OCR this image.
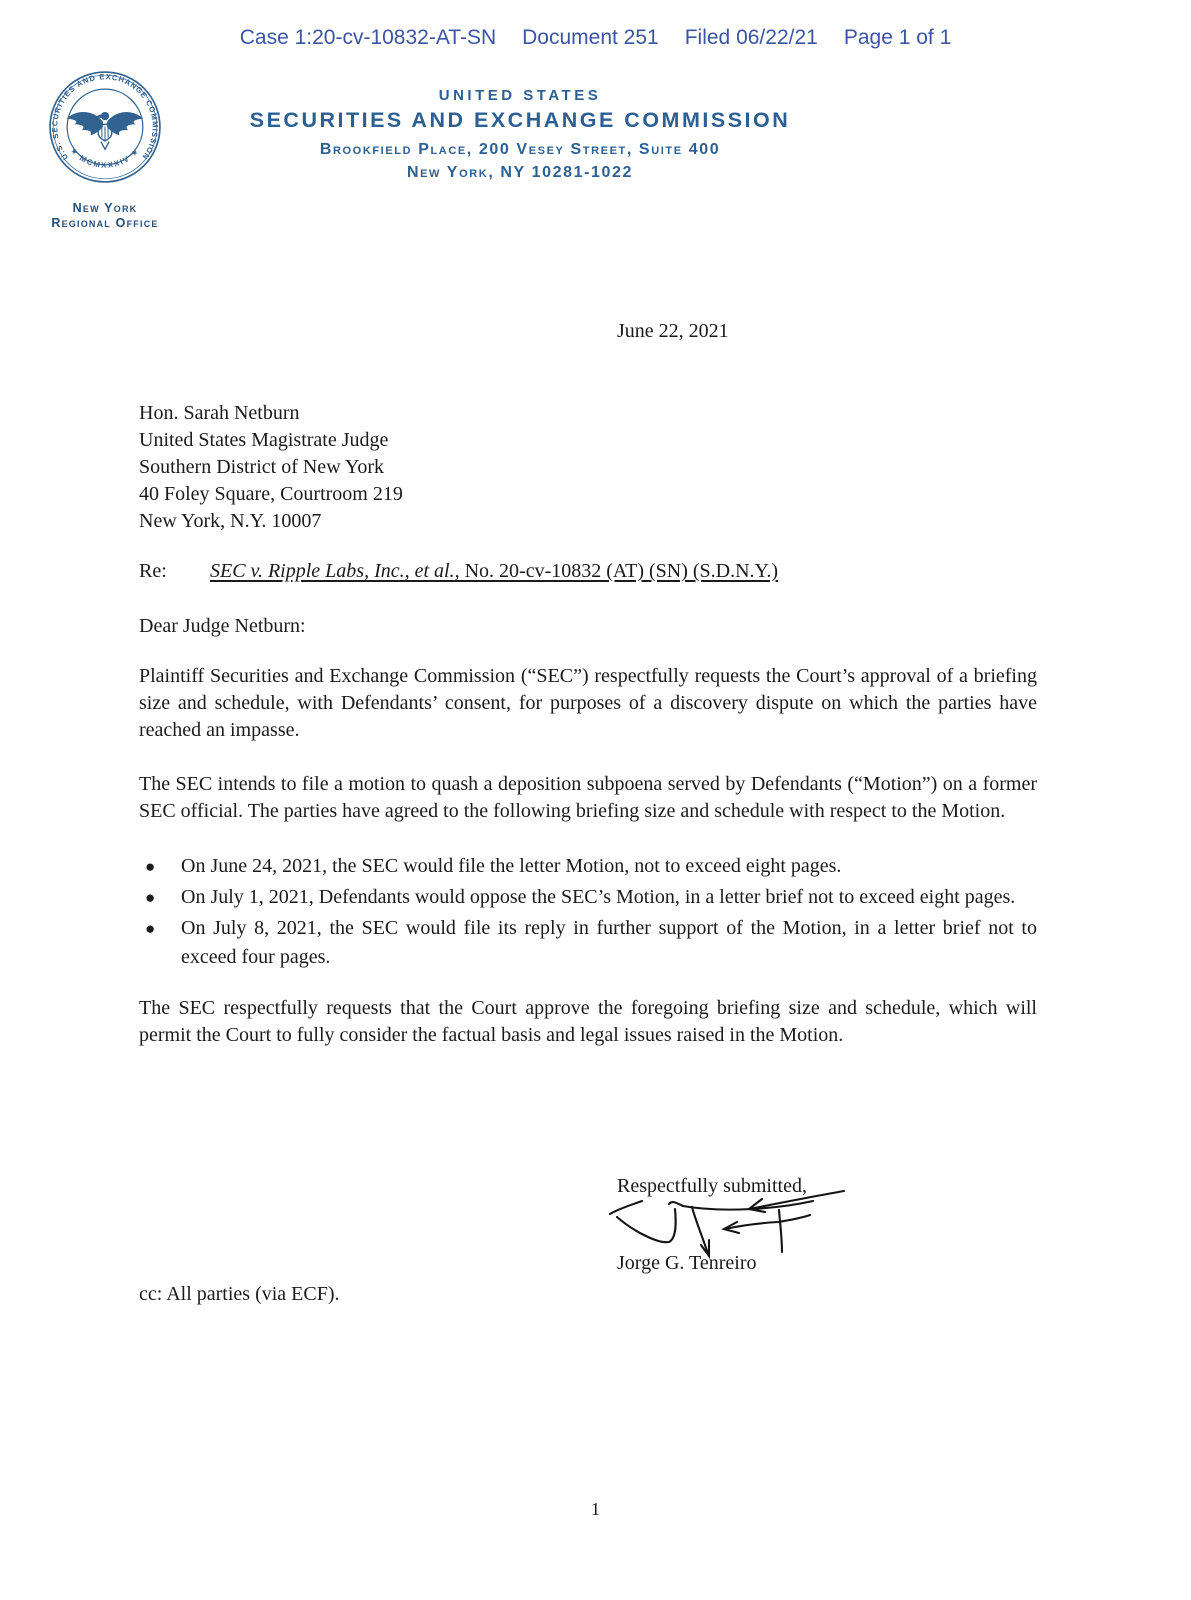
Case 1:20-cv-10832-AT-SN Document 251 Filed 06/22/21 Page 1 of 1
U.S. SECURITIES AND EXCHANGE COMMISSION
★ MCMXXXIV ★
New York
Regional Office
UNITED STATES
SECURITIES AND EXCHANGE COMMISSION
Brookfield Place, 200 Vesey Street, Suite 400
New York, NY 10281-1022
June 22, 2021
Hon. Sarah Netburn
United States Magistrate Judge
Southern District of New York
40 Foley Square, Courtroom 219
New York, N.Y. 10007
Re: SEC v. Ripple Labs, Inc., et al., No. 20-cv-10832 (AT) (SN) (S.D.N.Y.)
Dear Judge Netburn:

Plaintiff Securities and Exchange Commission (“SEC”) respectfully requests the Court’s approval of a briefing size and schedule, with Defendants’ consent, for purposes of a discovery dispute on which the parties have reached an impasse.

The SEC intends to file a motion to quash a deposition subpoena served by Defendants (“Motion”) on a former SEC official. The parties have agreed to the following briefing size and schedule with respect to the Motion.

●	On June 24, 2021, the SEC would file the letter Motion, not to exceed eight pages.
●	On July 1, 2021, Defendants would oppose the SEC’s Motion, in a letter brief not to exceed eight pages.
●	On July 8, 2021, the SEC would file its reply in further support of the Motion, in a letter brief not to exceed four pages.

The SEC respectfully requests that the Court approve the foregoing briefing size and schedule, which will permit the Court to fully consider the factual basis and legal issues raised in the Motion.

Respectfully submitted,
Jorge G. Tenreiro
cc: All parties (via ECF).
1
